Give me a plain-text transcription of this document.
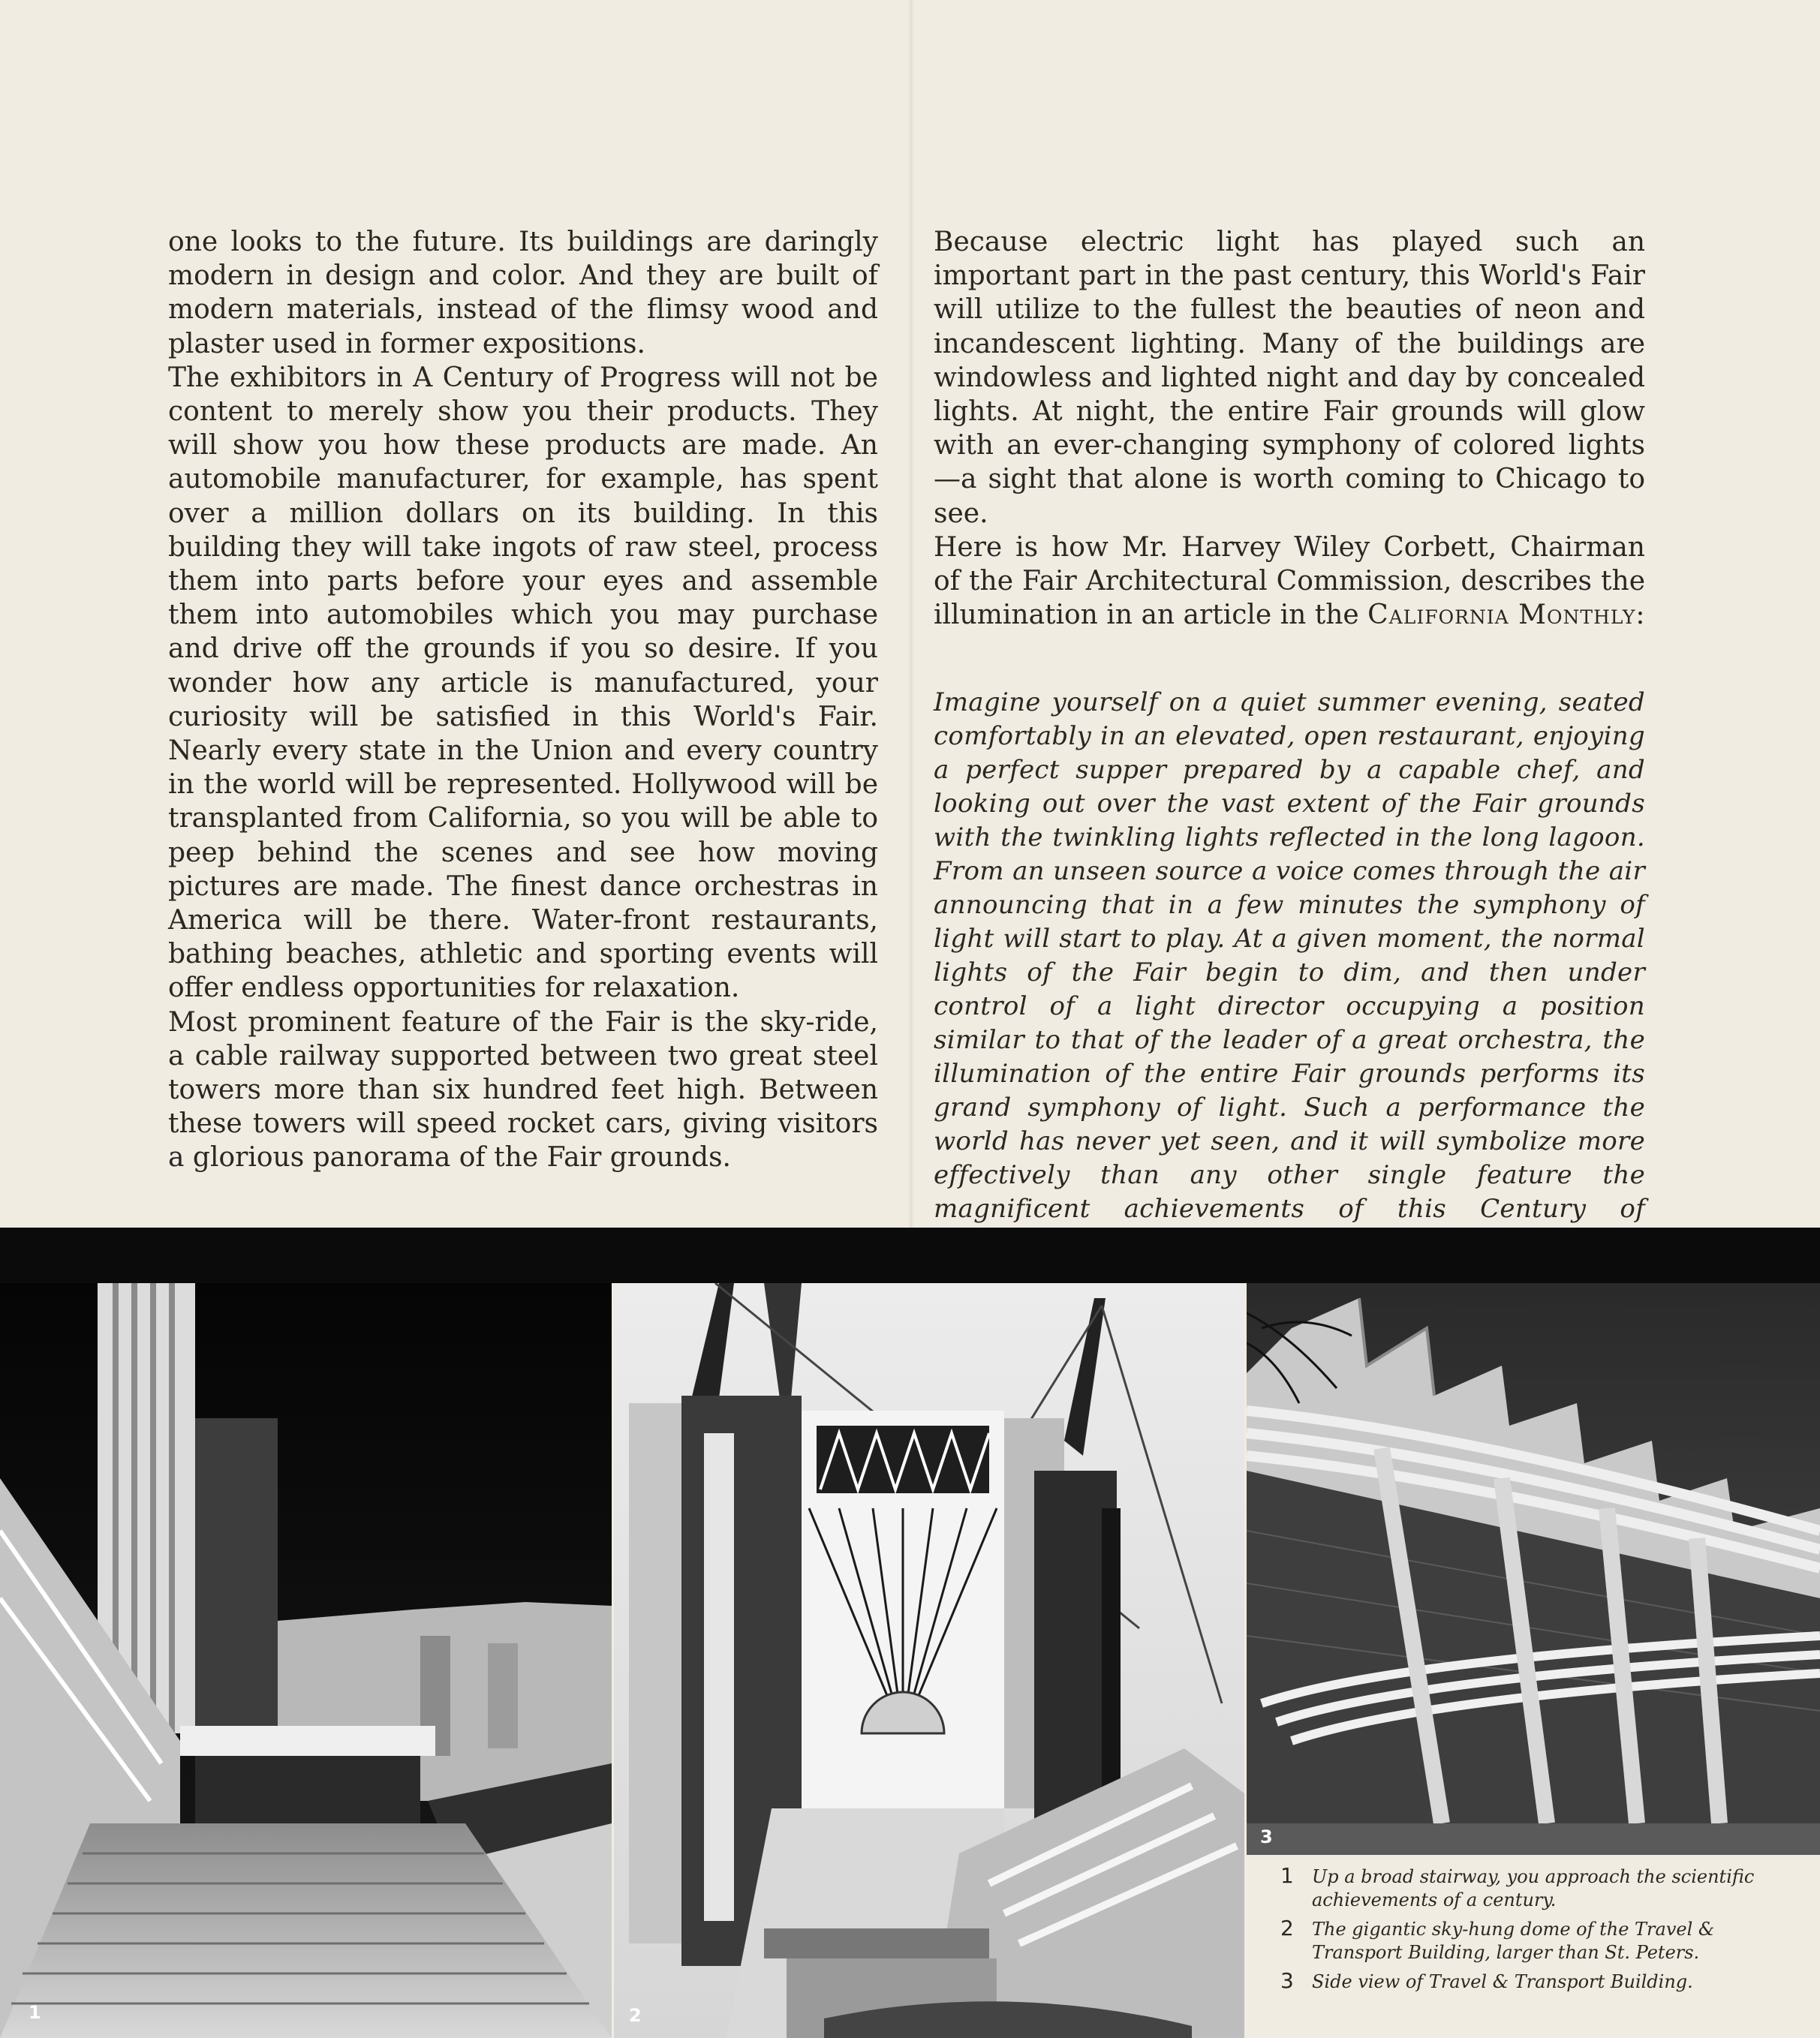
one looks to the future. Its buildings are daringly modern in design and color. And they are built of modern materials, instead of the flimsy wood and plaster used in former expositions.

The exhibitors in A Century of Progress will not be content to merely show you their products. They will show you how these products are made. An automobile manufacturer, for example, has spent over a million dollars on its building. In this building they will take ingots of raw steel, process them into parts before your eyes and assemble them into automobiles which you may purchase and drive off the grounds if you so desire. If you wonder how any article is manufactured, your curiosity will be satisfied in this World's Fair. Nearly every state in the Union and every country in the world will be represented. Hollywood will be transplanted from California, so you will be able to peep behind the scenes and see how moving pictures are made. The finest dance orchestras in America will be there. Water-front restaurants, bathing beaches, athletic and sporting events will offer endless opportunities for relaxation.

Most prominent feature of the Fair is the sky-ride, a cable railway supported between two great steel towers more than six hundred feet high. Between these towers will speed rocket cars, giving visitors a glorious panorama of the Fair grounds.

Because electric light has played such an important part in the past century, this World's Fair will utilize to the fullest the beauties of neon and incandescent lighting. Many of the buildings are windowless and lighted night and day by concealed lights. At night, the entire Fair grounds will glow with an ever-changing symphony of colored lights—a sight that alone is worth coming to Chicago to see.

Here is how Mr. Harvey Wiley Corbett, Chairman of the Fair Architectural Commission, describes the illumination in an article in the California Monthly:

Imagine yourself on a quiet summer evening, seated comfortably in an elevated, open restaurant, enjoying a perfect supper prepared by a capable chef, and looking out over the vast extent of the Fair grounds with the twinkling lights reflected in the long lagoon. From an unseen source a voice comes through the air announcing that in a few minutes the symphony of light will start to play. At a given moment, the normal lights of the Fair begin to dim, and then under control of a light director occupying a position similar to that of the leader of a great orchestra, the illumination of the entire Fair grounds performs its grand symphony of light. Such a performance the world has never yet seen, and it will symbolize more effectively than any other single feature the magnificent achievements of this Century of

1	2
3
1 Up a broad stairway, you approach the scientific achievements of a century.
2 The gigantic sky-hung dome of the Travel & Transport Building, larger than St. Peters.
3 Side view of Travel & Transport Building.
